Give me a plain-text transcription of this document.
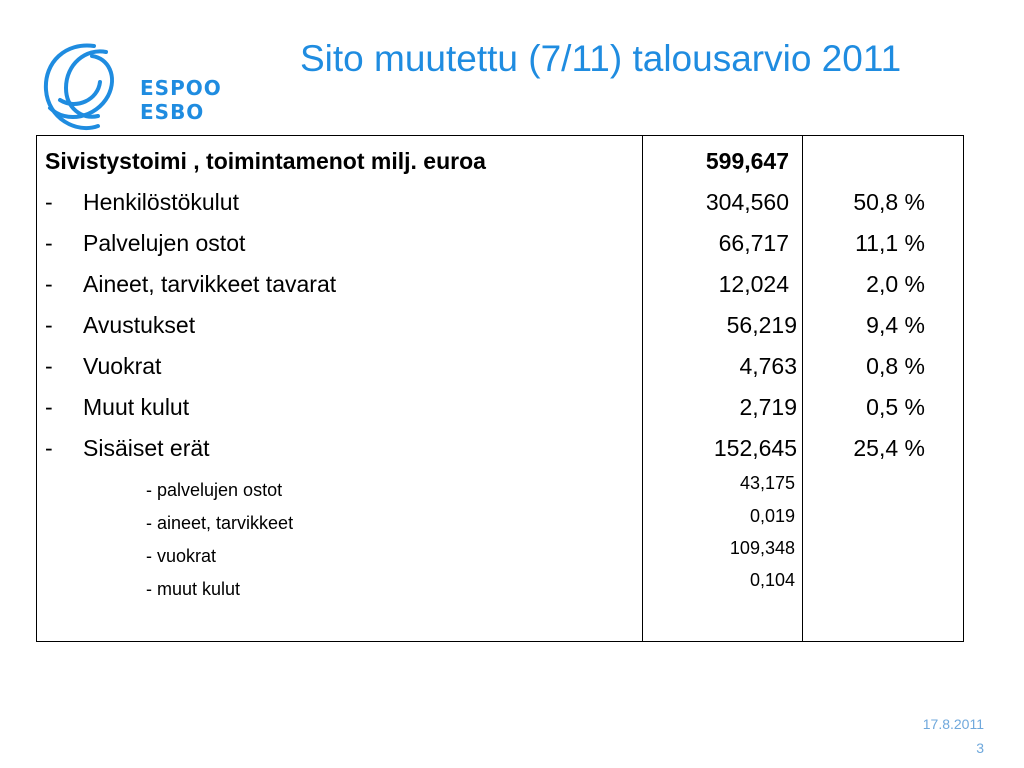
ESPOO
ESBO
Sito muutettu (7/11) talousarvio 2011
Sivistystoimi , toimintamenot milj. euroa	599,647
- Henkilöstökulut	304,560	50,8 %
- Palvelujen ostot	66,717	11,1 %
- Aineet, tarvikkeet tavarat	12,024	2,0 %
- Avustukset	56,219	9,4 %
- Vuokrat	4,763	0,8 %
- Muut kulut	2,719	0,5 %
- Sisäiset erät	152,645	25,4 %
- palvelujen ostot	43,175
- aineet, tarvikkeet	0,019
- vuokrat	109,348
- muut kulut	0,104
17.8.2011
3
